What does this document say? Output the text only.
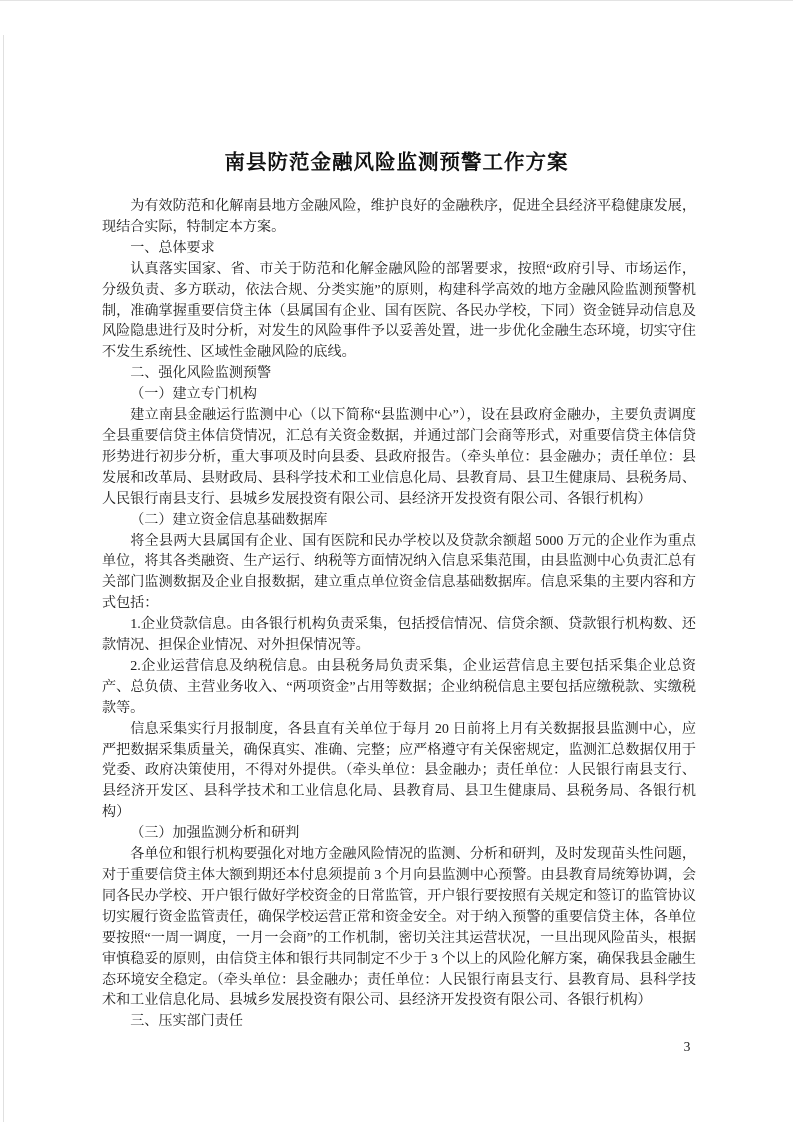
南县防范金融风险监测预警工作方案

为有效防范和化解南县地方金融风险，维护良好的金融秩序，促进全县经济平稳健康发展，现结合实际，特制定本方案。

一、总体要求

认真落实国家、省、市关于防范和化解金融风险的部署要求，按照“政府引导、市场运作，分级负责、多方联动，依法合规、分类实施”的原则，构建科学高效的地方金融风险监测预警机制，准确掌握重要信贷主体（县属国有企业、国有医院、各民办学校，下同）资金链异动信息及风险隐患进行及时分析，对发生的风险事件予以妥善处置，进一步优化金融生态环境，切实守住不发生系统性、区域性金融风险的底线。

二、强化风险监测预警

（一）建立专门机构

建立南县金融运行监测中心（以下简称“县监测中心”），设在县政府金融办，主要负责调度全县重要信贷主体信贷情况，汇总有关资金数据，并通过部门会商等形式，对重要信贷主体信贷形势进行初步分析，重大事项及时向县委、县政府报告。（牵头单位：县金融办；责任单位：县发展和改革局、县财政局、县科学技术和工业信息化局、县教育局、县卫生健康局、县税务局、人民银行南县支行、县城乡发展投资有限公司、县经济开发投资有限公司、各银行机构）

（二）建立资金信息基础数据库

将全县两大县属国有企业、国有医院和民办学校以及贷款余额超 5000 万元的企业作为重点单位，将其各类融资、生产运行、纳税等方面情况纳入信息采集范围，由县监测中心负责汇总有关部门监测数据及企业自报数据，建立重点单位资金信息基础数据库。信息采集的主要内容和方式包括：

1.企业贷款信息。由各银行机构负责采集，包括授信情况、信贷余额、贷款银行机构数、还款情况、担保企业情况、对外担保情况等。

2.企业运营信息及纳税信息。由县税务局负责采集，企业运营信息主要包括采集企业总资产、总负债、主营业务收入、“两项资金”占用等数据；企业纳税信息主要包括应缴税款、实缴税款等。

信息采集实行月报制度，各县直有关单位于每月 20 日前将上月有关数据报县监测中心，应严把数据采集质量关，确保真实、准确、完整；应严格遵守有关保密规定，监测汇总数据仅用于党委、政府决策使用，不得对外提供。（牵头单位：县金融办；责任单位：人民银行南县支行、县经济开发区、县科学技术和工业信息化局、县教育局、县卫生健康局、县税务局、各银行机构）

（三）加强监测分析和研判

各单位和银行机构要强化对地方金融风险情况的监测、分析和研判，及时发现苗头性问题，对于重要信贷主体大额到期还本付息须提前 3 个月向县监测中心预警。由县教育局统筹协调，会同各民办学校、开户银行做好学校资金的日常监管，开户银行要按照有关规定和签订的监管协议切实履行资金监管责任，确保学校运营正常和资金安全。对于纳入预警的重要信贷主体，各单位要按照“一周一调度，一月一会商”的工作机制，密切关注其运营状况，一旦出现风险苗头，根据审慎稳妥的原则，由信贷主体和银行共同制定不少于 3 个以上的风险化解方案，确保我县金融生态环境安全稳定。（牵头单位：县金融办；责任单位：人民银行南县支行、县教育局、县科学技术和工业信息化局、县城乡发展投资有限公司、县经济开发投资有限公司、各银行机构）

三、压实部门责任

3
